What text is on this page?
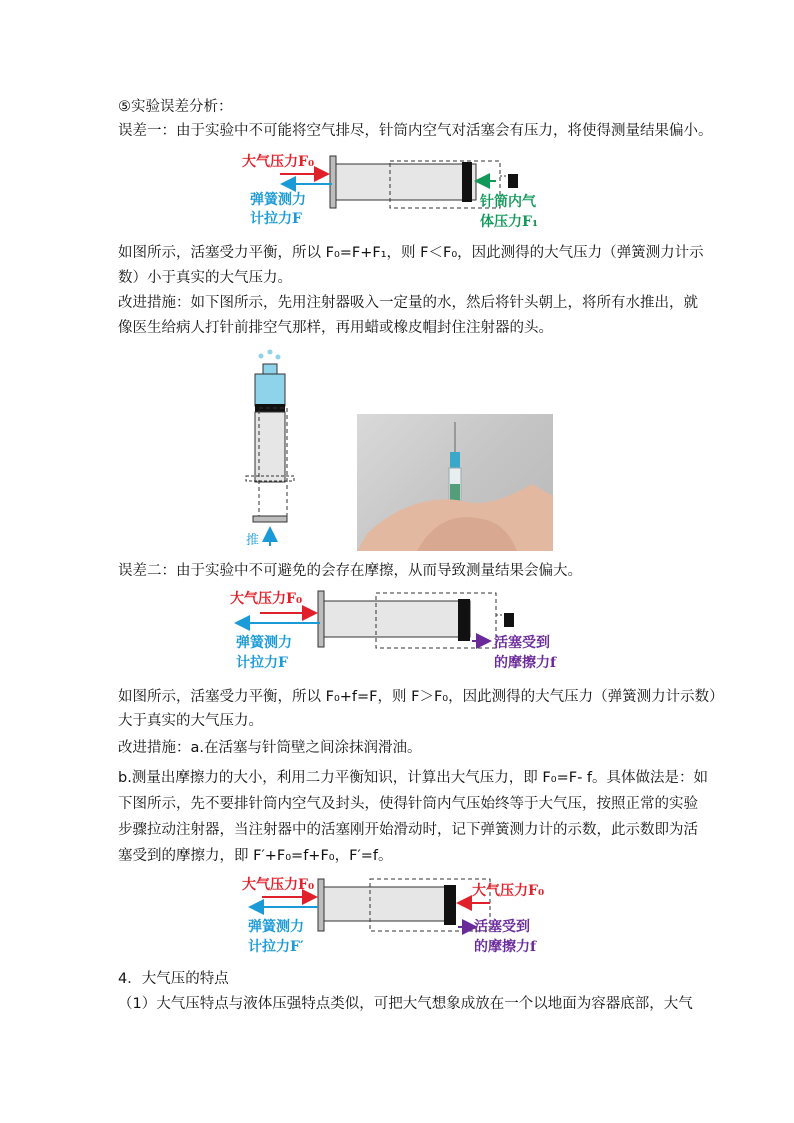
⑤实验误差分析：
误差一：由于实验中不可能将空气排尽，针筒内空气对活塞会有压力，将使得测量结果偏小。
如图所示，活塞受力平衡，所以 F₀=F+F₁，则 F＜F₀，因此测得的大气压力（弹簧测力计示
数）小于真实的大气压力。
改进措施：如下图所示，先用注射器吸入一定量的水，然后将针头朝上，将所有水推出，就
像医生给病人打针前排空气那样，再用蜡或橡皮帽封住注射器的头。
误差二：由于实验中不可避免的会存在摩擦，从而导致测量结果会偏大。
如图所示，活塞受力平衡，所以 F₀+f=F，则 F＞F₀，因此测得的大气压力（弹簧测力计示数）
大于真实的大气压力。
改进措施：a.在活塞与针筒壁之间涂抹润滑油。
b.测量出摩擦力的大小，利用二力平衡知识，计算出大气压力，即 F₀=F- f。具体做法是：如
下图所示，先不要排针筒内空气及封头，使得针筒内气压始终等于大气压，按照正常的实验
步骤拉动注射器，当注射器中的活塞刚开始滑动时，记下弹簧测力计的示数，此示数即为活
塞受到的摩擦力，即 F′+F₀=f+F₀，F′=f。
4．大气压的特点
（1）大气压特点与液体压强特点类似，可把大气想象成放在一个以地面为容器底部，大气
大气压力F₀
弹簧测力
计拉力F
针筒内气
体压力F₁
推
大气压力F₀
弹簧测力
计拉力F
活塞受到
的摩擦力f
大气压力F₀	大气压力F₀
弹簧测力
计拉力F′
活塞受到
的摩擦力f
